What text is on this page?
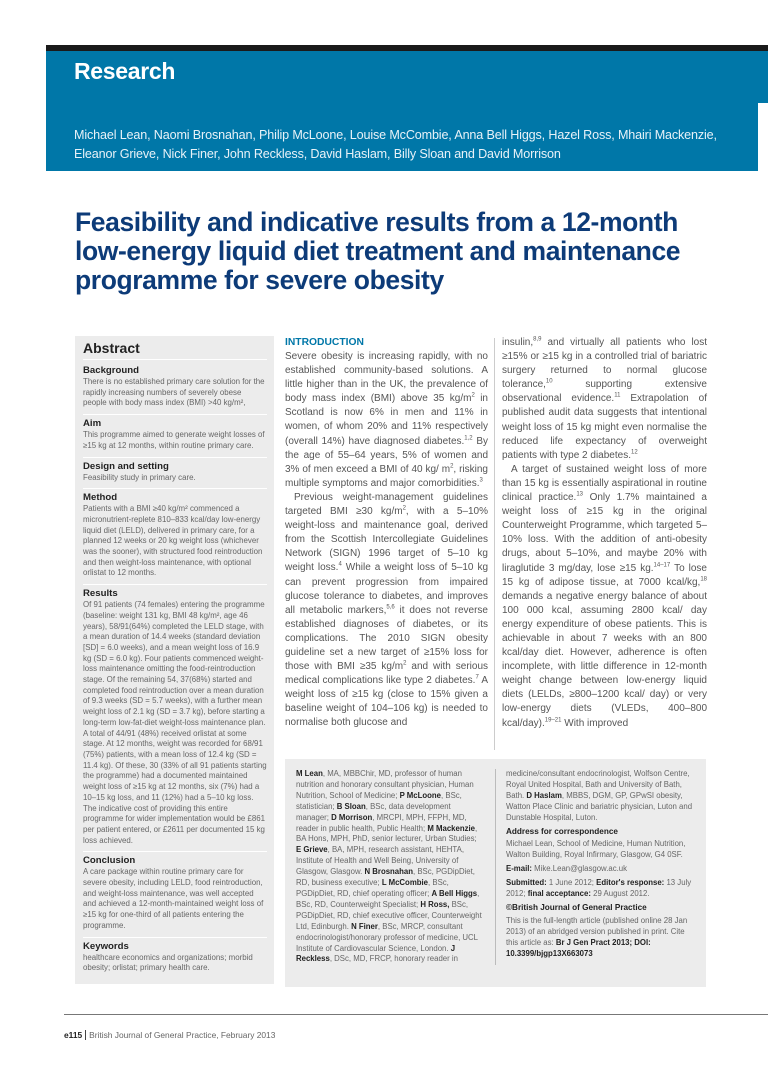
Research
Michael Lean, Naomi Brosnahan, Philip McLoone, Louise McCombie, Anna Bell Higgs, Hazel Ross, Mhairi Mackenzie, Eleanor Grieve, Nick Finer, John Reckless, David Haslam, Billy Sloan and David Morrison
Feasibility and indicative results from a 12-month low-energy liquid diet treatment and maintenance programme for severe obesity
Abstract
Background

There is no established primary care solution for the rapidly increasing numbers of severely obese people with body mass index (BMI) >40 kg/m²,

Aim

This programme aimed to generate weight losses of ≥15 kg at 12 months, within routine primary care.

Design and setting

Feasibility study in primary care.

Method

Patients with a BMI ≥40 kg/m² commenced a micronutrient-replete 810–833 kcal/day low-energy liquid diet (LELD), delivered in primary care, for a planned 12 weeks or 20 kg weight loss (whichever was the sooner), with structured food reintroduction and then weight-loss maintenance, with optional orlistat to 12 months.

Results

Of 91 patients (74 females) entering the programme (baseline: weight 131 kg, BMI 48 kg/m², age 46 years), 58/91(64%) completed the LELD stage, with a mean duration of 14.4 weeks (standard deviation [SD] = 6.0 weeks), and a mean weight loss of 16.9 kg (SD = 6.0 kg). Four patients commenced weight-loss maintenance omitting the food-reintroduction stage. Of the remaining 54, 37(68%) started and completed food reintroduction over a mean duration of 9.3 weeks (SD = 5.7 weeks), with a further mean weight loss of 2.1 kg (SD = 3.7 kg), before starting a long-term low-fat-diet weight-loss maintenance plan. A total of 44/91 (48%) received orlistat at some stage. At 12 months, weight was recorded for 68/91 (75%) patients, with a mean loss of 12.4 kg (SD = 11.4 kg). Of these, 30 (33% of all 91 patients starting the programme) had a documented maintained weight loss of ≥15 kg at 12 months, six (7%) had a 10–15 kg loss, and 11 (12%) had a 5–10 kg loss. The indicative cost of providing this entire programme for wider implementation would be £861 per patient entered, or £2611 per documented 15 kg loss achieved.

Conclusion

A care package within routine primary care for severe obesity, including LELD, food reintroduction, and weight-loss maintenance, was well accepted and achieved a 12-month-maintained weight loss of ≥15 kg for one-third of all patients entering the programme.

Keywords

healthcare economics and organizations; morbid obesity; orlistat; primary health care.

INTRODUCTION

Severe obesity is increasing rapidly, with no established community-based solutions. A little higher than in the UK, the prevalence of body mass index (BMI) above 35 $kg/m^2$ in Scotland is now 6% in men and 11% in women, of whom 20% and 11% respectively (overall 14%) have diagnosed diabetes.$^{1,2}$ By the age of 55–64 years, 5% of women and 3% of men exceed a BMI of 40 kg/ $m^2$, risking multiple symptoms and major comorbidities.$^3$

Previous weight-management guidelines targeted BMI ≥30 $kg/m^2$, with a 5–10% weight-loss and maintenance goal, derived from the Scottish Intercollegiate Guidelines Network (SIGN) 1996 target of 5–10 kg weight loss.$^4$ While a weight loss of 5–10 kg can prevent progression from impaired glucose tolerance to diabetes, and improves all metabolic markers,$^{5,6}$ it does not reverse established diagnoses of diabetes, or its complications. The 2010 SIGN obesity guideline set a new target of ≥15% loss for those with BMI ≥35 $kg/m^2$ and with serious medical complications like type 2 diabetes.$^7$ A weight loss of ≥15 kg (close to 15% given a baseline weight of 104–106 kg) is needed to normalise both glucose and

insulin,$^{8,9}$ and virtually all patients who lost ≥15% or ≥15 kg in a controlled trial of bariatric surgery returned to normal glucose tolerance,$^{10}$ supporting extensive observational evidence.$^{11}$ Extrapolation of published audit data suggests that intentional weight loss of 15 kg might even normalise the reduced life expectancy of overweight patients with type 2 diabetes.$^{12}$

A target of sustained weight loss of more than 15 kg is essentially aspirational in routine clinical practice.$^{13}$ Only 1.7% maintained a weight loss of ≥15 kg in the original Counterweight Programme, which targeted 5–10% loss. With the addition of anti-obesity drugs, about 5–10%, and maybe 20% with liraglutide 3 mg/day, lose ≥15 kg.$^{14-17}$ To lose 15 kg of adipose tissue, at 7000 kcal/kg,$^{18}$ demands a negative energy balance of about 100 000 kcal, assuming 2800 kcal/ day energy expenditure of obese patients. This is achievable in about 7 weeks with an 800 kcal/day diet. However, adherence is often incomplete, with little difference in 12-month weight change between low-energy liquid diets (LELDs, ≥800–1200 kcal/ day) or very low-energy diets (VLEDs, 400–800 kcal/day).$^{19-21}$ With improved

M Lean, MA, MBBChir, MD, professor of human nutrition and honorary consultant physician, Human Nutrition, School of Medicine; P McLoone, BSc, statistician; B Sloan, BSc, data development manager; D Morrison, MRCPI, MPH, FFPH, MD, reader in public health, Public Health; M Mackenzie, BA Hons, MPH, PhD, senior lecturer, Urban Studies; E Grieve, BA, MPH, research assistant, HEHTA, Institute of Health and Well Being, University of Glasgow, Glasgow. N Brosnahan, BSc, PGDipDiet, RD, business executive; L McCombie, BSc, PGDipDiet, RD, chief operating officer; A Bell Higgs, BSc, RD, Counterweight Specialist; H Ross, BSc, PGDipDiet, RD, chief executive officer, Counterweight Ltd, Edinburgh. N Finer, BSc, MRCP, consultant endocrinologist/honorary professor of medicine, UCL Institute of Cardiovascular Science, London. J Reckless, DSc, MD, FRCP, honorary reader in

medicine/consultant endocrinologist, Wolfson Centre, Royal United Hospital, Bath and University of Bath, Bath. D Haslam, MBBS, DGM, GP, GPwSI obesity, Watton Place Clinic and bariatric physician, Luton and Dunstable Hospital, Luton.

Address for correspondence

Michael Lean, School of Medicine, Human Nutrition, Walton Building, Royal Infirmary, Glasgow, G4 0SF.

E-mail: Mike.Lean@glasgow.ac.uk

Submitted: 1 June 2012; Editor's response: 13 July 2012; final acceptance: 29 August 2012.

©British Journal of General Practice

This is the full-length article (published online 28 Jan 2013) of an abridged version published in print. Cite this article as: Br J Gen Pract 2013; DOI: 10.3399/bjgp13X663073

e115 British Journal of General Practice, February 2013
